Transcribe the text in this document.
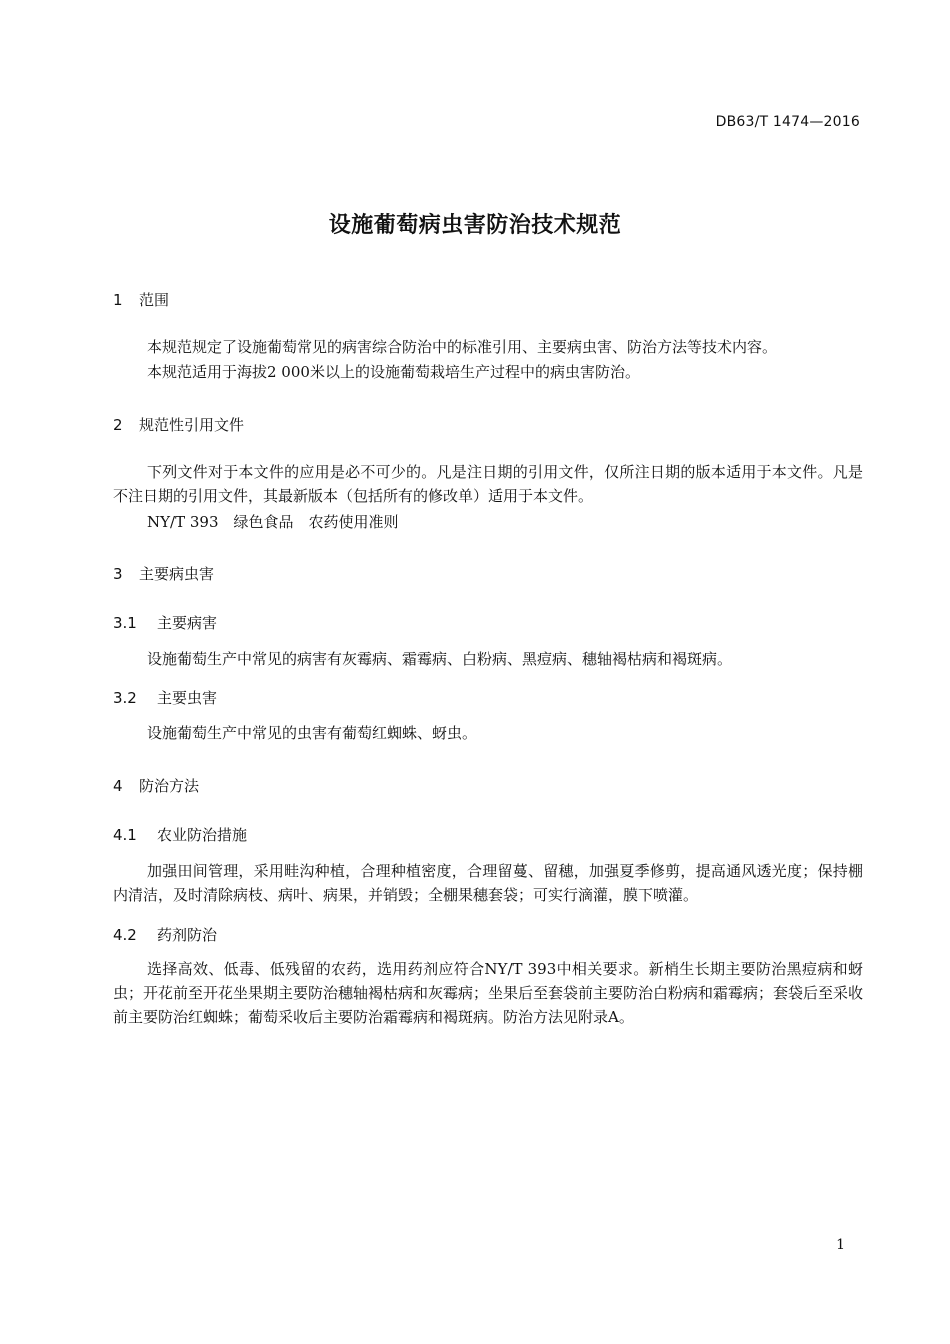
DB63/T 1474—2016
设施葡萄病虫害防治技术规范
1 范围

本规范规定了设施葡萄常见的病害综合防治中的标准引用、主要病虫害、防治方法等技术内容。

本规范适用于海拔2 000米以上的设施葡萄栽培生产过程中的病虫害防治。

2 规范性引用文件

下列文件对于本文件的应用是必不可少的。凡是注日期的引用文件，仅所注日期的版本适用于本文件。凡是不注日期的引用文件，其最新版本（包括所有的修改单）适用于本文件。

NY/T 393　绿色食品　农药使用准则

3 主要病虫害
3.1 主要病害

设施葡萄生产中常见的病害有灰霉病、霜霉病、白粉病、黑痘病、穗轴褐枯病和褐斑病。

3.2 主要虫害

设施葡萄生产中常见的虫害有葡萄红蜘蛛、蚜虫。

4 防治方法
4.1 农业防治措施

加强田间管理，采用畦沟种植，合理种植密度，合理留蔓、留穗，加强夏季修剪，提高通风透光度；保持棚内清洁，及时清除病枝、病叶、病果，并销毁；全棚果穗套袋；可实行滴灌，膜下喷灌。

4.2 药剂防治

选择高效、低毒、低残留的农药，选用药剂应符合NY/T 393中相关要求。新梢生长期主要防治黑痘病和蚜虫；开花前至开花坐果期主要防治穗轴褐枯病和灰霉病；坐果后至套袋前主要防治白粉病和霜霉病；套袋后至采收前主要防治红蜘蛛；葡萄采收后主要防治霜霉病和褐斑病。防治方法见附录A。

1
